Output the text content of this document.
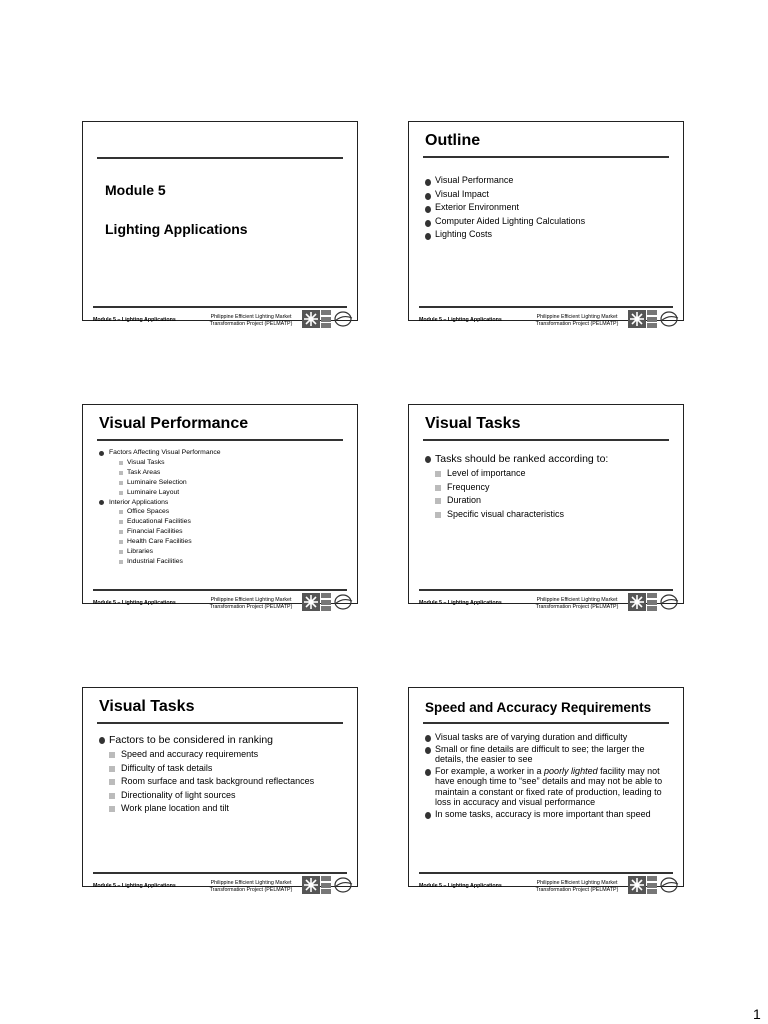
Module 5
Lighting Applications
Module 5 – Lighting Applications	Philippine Efficient Lighting Market
Transformation Project (PELMATP)
Outline
Visual Performance
Visual Impact
Exterior Environment
Computer Aided Lighting Calculations
Lighting Costs
Module 5 – Lighting Applications	Philippine Efficient Lighting Market
Transformation Project (PELMATP)
Visual Performance
Factors Affecting Visual Performance
Visual Tasks
Task Areas
Luminaire Selection
Luminaire Layout
Interior Applications
Office Spaces
Educational Facilities
Financial Facilities
Health Care Facilities
Libraries
Industrial Facilities
Module 5 – Lighting Applications	Philippine Efficient Lighting Market
Transformation Project (PELMATP)
Visual Tasks
Tasks should be ranked according to:
Level of importance
Frequency
Duration
Specific visual characteristics
Module 5 – Lighting Applications	Philippine Efficient Lighting Market
Transformation Project (PELMATP)
Visual Tasks
Factors to be considered in ranking
Speed and accuracy requirements
Difficulty of task details
Room surface and task background reflectances
Directionality of light sources
Work plane location and tilt
Module 5 – Lighting Applications	Philippine Efficient Lighting Market
Transformation Project (PELMATP)
Speed and Accuracy Requirements
Visual tasks are of varying duration and difficulty
Small or fine details are difficult to see; the larger the details, the easier to see
For example, a worker in a poorly lighted facility may not have enough time to “see” details and may not be able to maintain a constant or fixed rate of production, leading to loss in accuracy and visual performance
In some tasks, accuracy is more important than speed
Module 5 – Lighting Applications	Philippine Efficient Lighting Market
Transformation Project (PELMATP)
1
